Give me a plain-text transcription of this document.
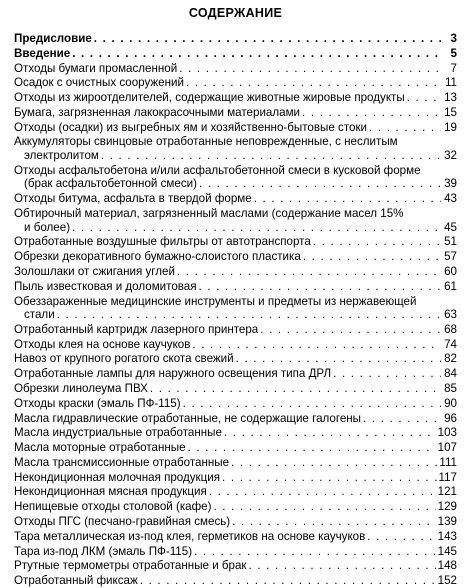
СОДЕРЖАНИЕ
Предисловие . . .	3
Введение . . .	5
Отходы бумаги промасленной . . .	7
Осадок с очистных сооружений . . .	11
Отходы из жироотделителей, содержащие животные жировые продукты . . .	13
Бумага, загрязненная лакокрасочными материалами . . .	15
Отходы (осадки) из выгребных ям и хозяйственно-бытовые стоки . . .	19
Аккумуляторы свинцовые отработанные неповрежденные, с неслитым
электролитом . . .	32
Отходы асфальтобетона и/или асфальтобетонной смеси в кусковой форме
(брак асфальтобетонной смеси) . . .	39
Отходы битума, асфальта в твердой форме . . .	43
Обтирочный материал, загрязненный маслами (содержание масел 15%
и более) . . .	45
Отработанные воздушные фильтры от автотранспорта . . .	51
Обрезки декоративного бумажно-слоистого пластика . . .	57
Золошлаки от сжигания углей . . .	60
Пыль известковая и доломитовая . . .	61
Обеззараженные медицинские инструменты и предметы из нержавеющей
стали . . .	63
Отработанный картридж лазерного принтера . . .	68
Отходы клея на основе каучуков . . .	74
Навоз от крупного рогатого скота свежий . . .	82
Отработанные лампы для наружного освещения типа ДРЛ . . .	84
Обрезки линолеума ПВХ . . .	85
Отходы краски (эмаль ПФ-115) . . .	90
Масла гидравлические отработанные, не содержащие галогены . . .	96
Масла индустриальные отработанные . . .	103
Масла моторные отработанные . . .	107
Масла трансмиссионные отработанные . . .	111
Некондиционная молочная продукция . . .	117
Некондиционная мясная продукция . . .	121
Непищевые отходы столовой (кафе) . . .	129
Отходы ПГС (песчано-гравийная смесь) . . .	139
Тара металлическая из-под клея, герметиков на основе каучуков . . .	143
Тара из-под ЛКМ (эмаль ПФ-115) . . .	145
Ртутные термометры отработанные и брак . . .	148
Отработанный фиксаж . . .	152
